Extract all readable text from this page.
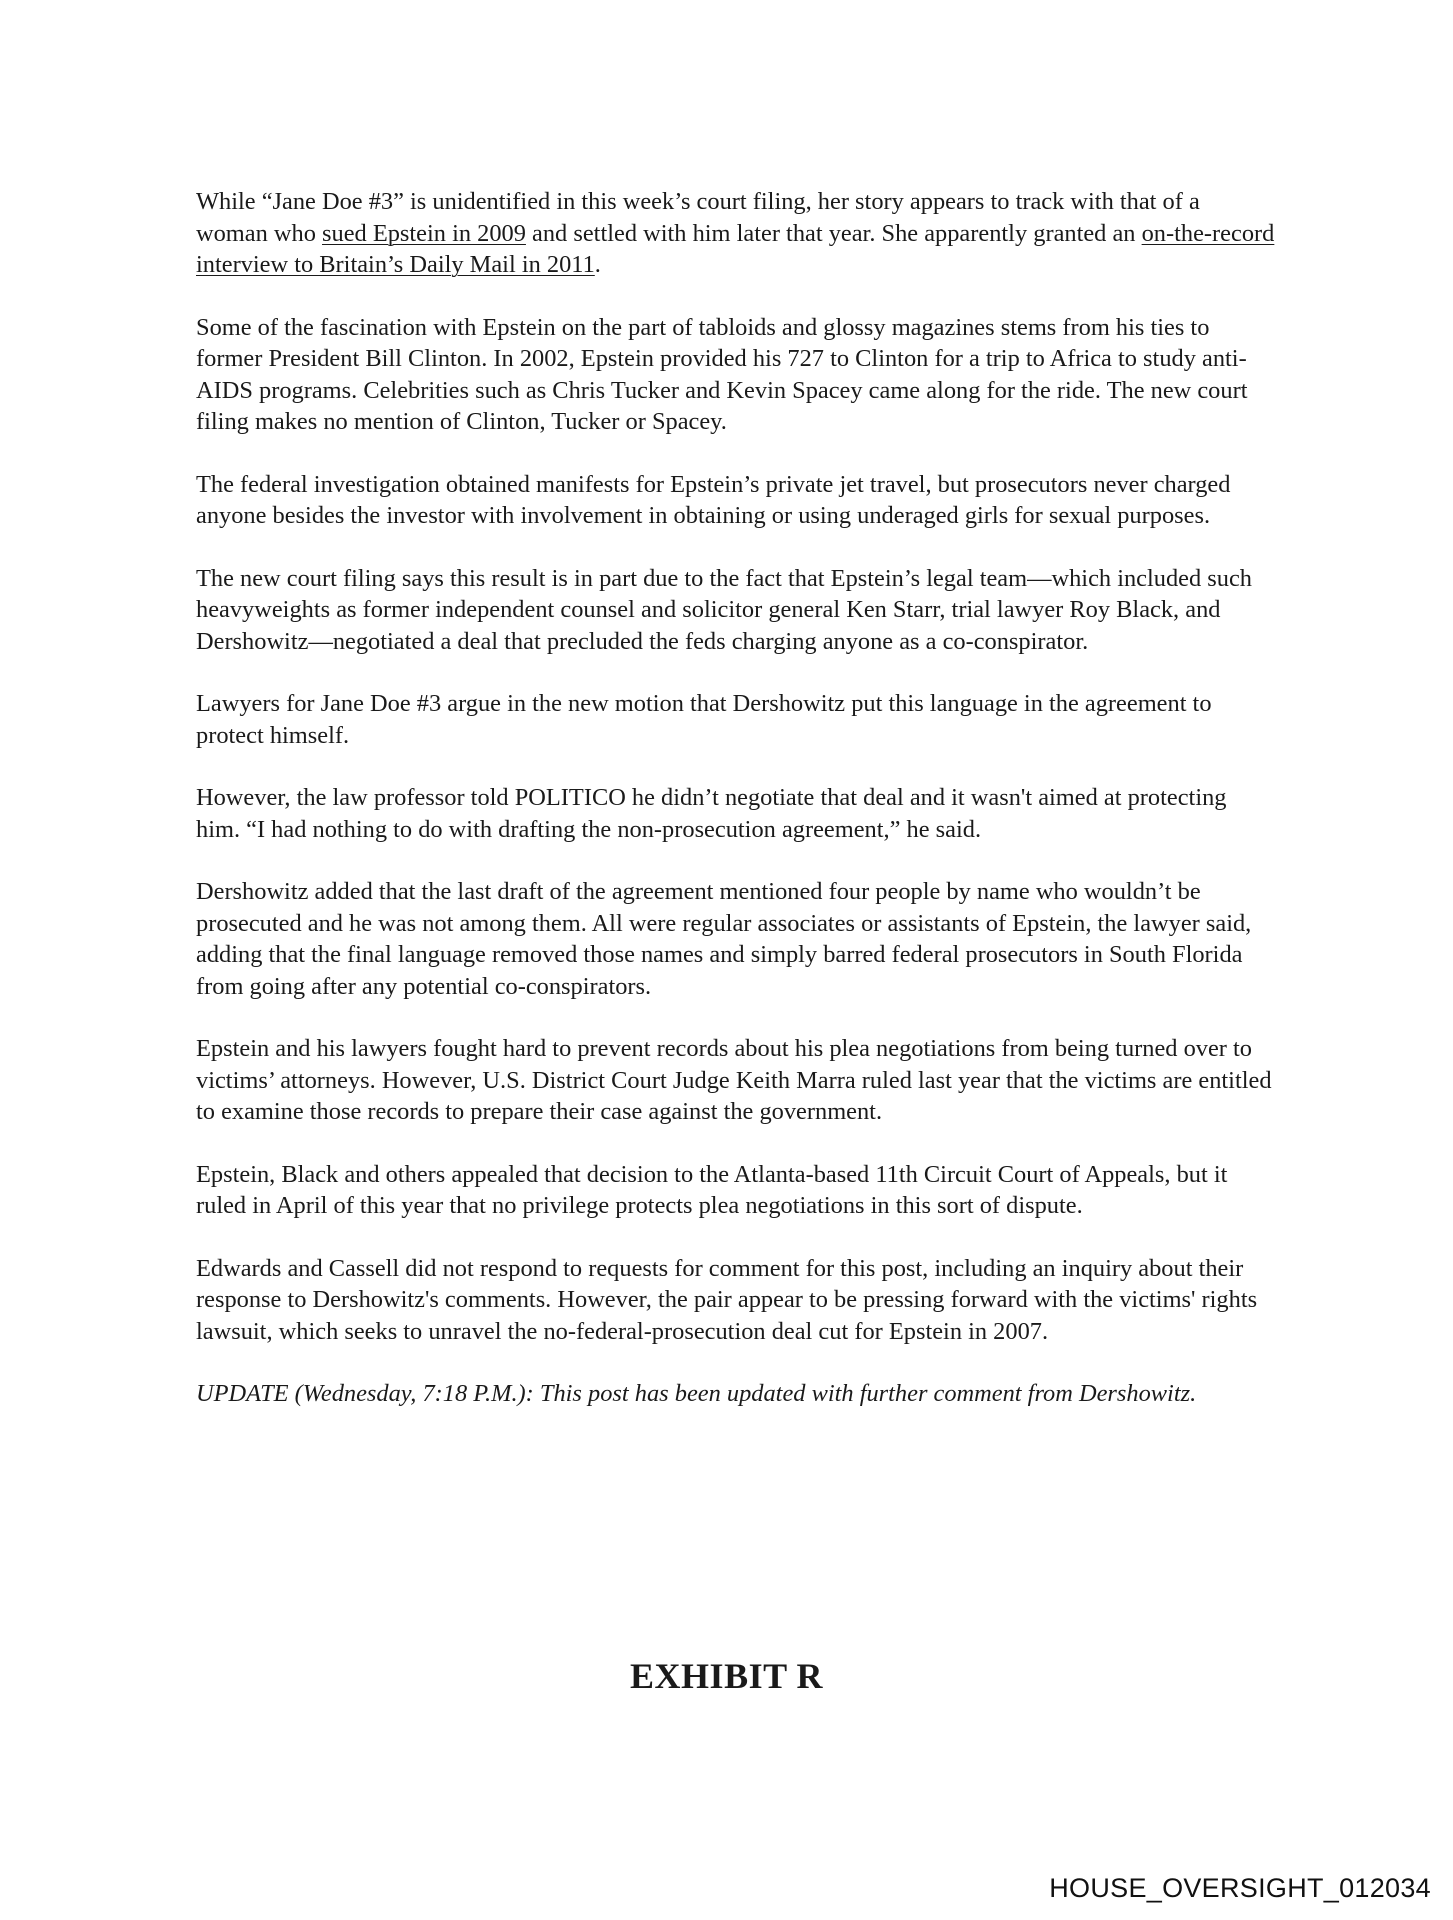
While “Jane Doe #3” is unidentified in this week’s court filing, her story appears to track with that of a woman who sued Epstein in 2009 and settled with him later that year. She apparently granted an on-the-record interview to Britain’s Daily Mail in 2011.

Some of the fascination with Epstein on the part of tabloids and glossy magazines stems from his ties to former President Bill Clinton. In 2002, Epstein provided his 727 to Clinton for a trip to Africa to study anti-AIDS programs. Celebrities such as Chris Tucker and Kevin Spacey came along for the ride. The new court filing makes no mention of Clinton, Tucker or Spacey.

The federal investigation obtained manifests for Epstein’s private jet travel, but prosecutors never charged anyone besides the investor with involvement in obtaining or using underaged girls for sexual purposes.

The new court filing says this result is in part due to the fact that Epstein’s legal team—which included such heavyweights as former independent counsel and solicitor general Ken Starr, trial lawyer Roy Black, and Dershowitz—negotiated a deal that precluded the feds charging anyone as a co-conspirator.

Lawyers for Jane Doe #3 argue in the new motion that Dershowitz put this language in the agreement to protect himself.

However, the law professor told POLITICO he didn’t negotiate that deal and it wasn't aimed at protecting him. “I had nothing to do with drafting the non-prosecution agreement,” he said.

Dershowitz added that the last draft of the agreement mentioned four people by name who wouldn’t be prosecuted and he was not among them. All were regular associates or assistants of Epstein, the lawyer said, adding that the final language removed those names and simply barred federal prosecutors in South Florida from going after any potential co-conspirators.

Epstein and his lawyers fought hard to prevent records about his plea negotiations from being turned over to victims’ attorneys. However, U.S. District Court Judge Keith Marra ruled last year that the victims are entitled to examine those records to prepare their case against the government.

Epstein, Black and others appealed that decision to the Atlanta-based 11th Circuit Court of Appeals, but it ruled in April of this year that no privilege protects plea negotiations in this sort of dispute.

Edwards and Cassell did not respond to requests for comment for this post, including an inquiry about their response to Dershowitz's comments. However, the pair appear to be pressing forward with the victims' rights lawsuit, which seeks to unravel the no-federal-prosecution deal cut for Epstein in 2007.

UPDATE (Wednesday, 7:18 P.M.): This post has been updated with further comment from Dershowitz.

EXHIBIT R
HOUSE_OVERSIGHT_012034
